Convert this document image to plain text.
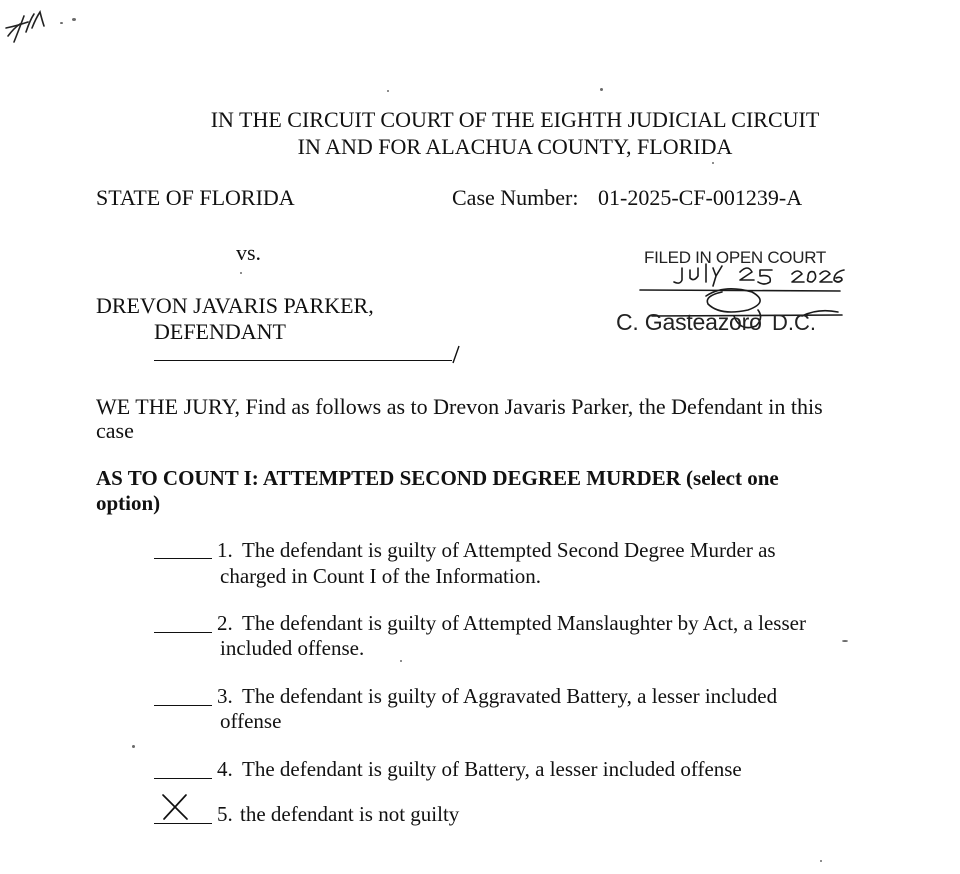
IN THE CIRCUIT COURT OF THE EIGHTH JUDICIAL CIRCUIT
IN AND FOR ALACHUA COUNTY, FLORIDA
STATE OF FLORIDA	Case Number: 01-2025-CF-001239-A
vs.
DREVON JAVARIS PARKER,
DEFENDANT
FILED IN OPEN COURT
C. Gasteazoro D.C.
WE THE JURY, Find as follows as to Drevon Javaris Parker, the Defendant in this
case
AS TO COUNT I: ATTEMPTED SECOND DEGREE MURDER (select one
option)
1. The defendant is guilty of Attempted Second Degree Murder as
charged in Count I of the Information.
2. The defendant is guilty of Attempted Manslaughter by Act, a lesser
included offense.
3. The defendant is guilty of Aggravated Battery, a lesser included
offense
4. The defendant is guilty of Battery, a lesser included offense
5. the defendant is not guilty
